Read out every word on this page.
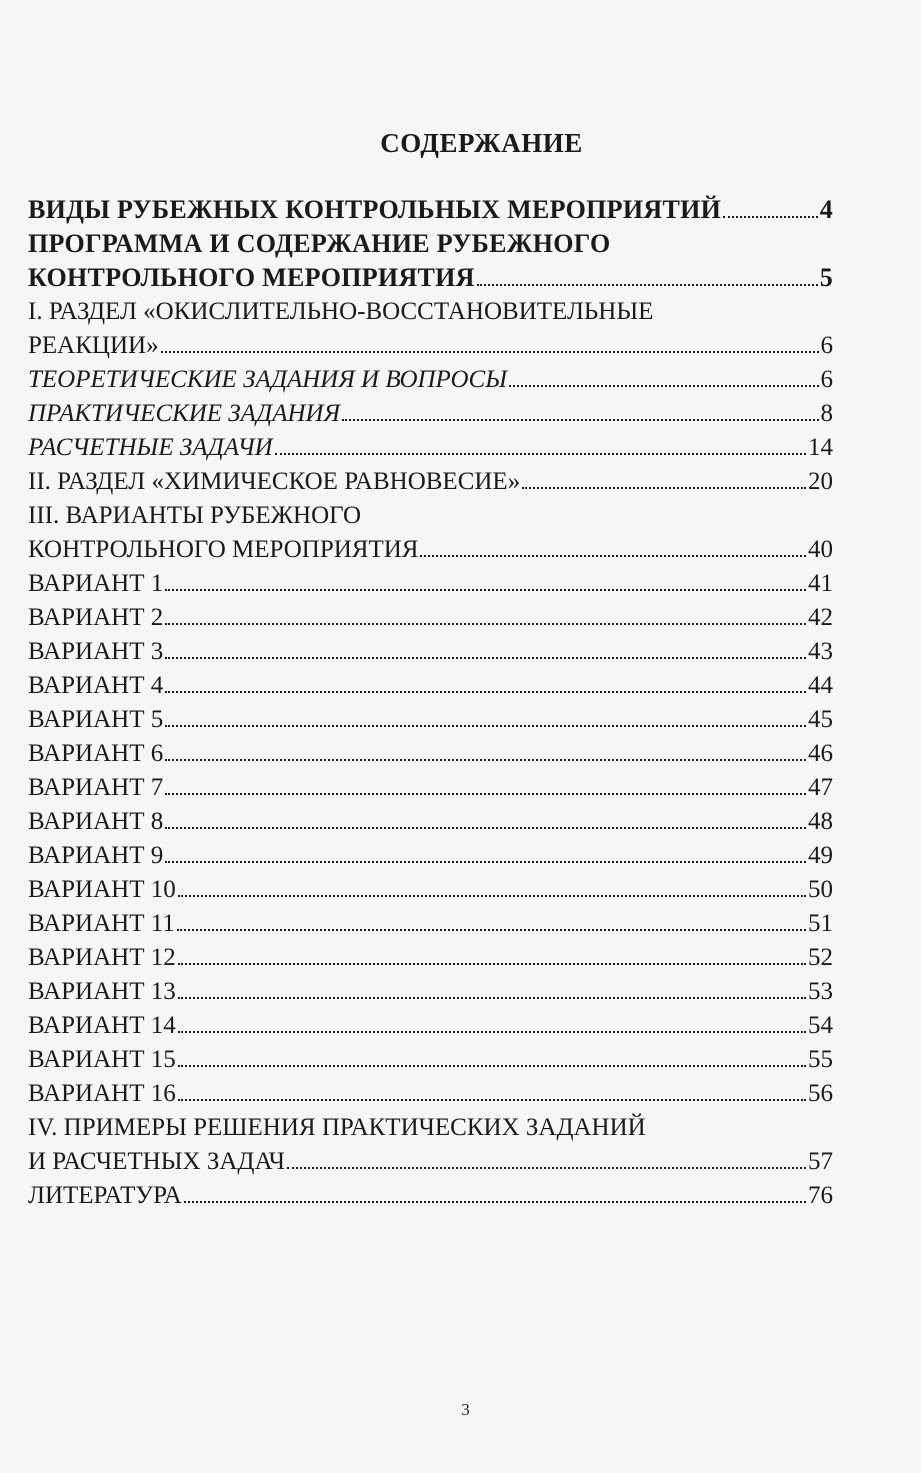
СОДЕРЖАНИЕ
ВИДЫ РУБЕЖНЫХ КОНТРОЛЬНЫХ МЕРОПРИЯТИЙ	4
ПРОГРАММА И СОДЕРЖАНИЕ РУБЕЖНОГО
КОНТРОЛЬНОГО МЕРОПРИЯТИЯ	5
I. РАЗДЕЛ «ОКИСЛИТЕЛЬНО-ВОССТАНОВИТЕЛЬНЫЕ
РЕАКЦИИ»	6
ТЕОРЕТИЧЕСКИЕ ЗАДАНИЯ И ВОПРОСЫ	6
ПРАКТИЧЕСКИЕ ЗАДАНИЯ	8
РАСЧЕТНЫЕ ЗАДАЧИ	14
II. РАЗДЕЛ «ХИМИЧЕСКОЕ РАВНОВЕСИЕ»	20
III. ВАРИАНТЫ РУБЕЖНОГО
КОНТРОЛЬНОГО МЕРОПРИЯТИЯ	40
ВАРИАНТ 1	41
ВАРИАНТ 2	42
ВАРИАНТ 3	43
ВАРИАНТ 4	44
ВАРИАНТ 5	45
ВАРИАНТ 6	46
ВАРИАНТ 7	47
ВАРИАНТ 8	48
ВАРИАНТ 9	49
ВАРИАНТ 10	50
ВАРИАНТ 11	51
ВАРИАНТ 12	52
ВАРИАНТ 13	53
ВАРИАНТ 14	54
ВАРИАНТ 15	55
ВАРИАНТ 16	56
IV. ПРИМЕРЫ РЕШЕНИЯ ПРАКТИЧЕСКИХ ЗАДАНИЙ
И РАСЧЕТНЫХ ЗАДАЧ	57
ЛИТЕРАТУРА	76
3
